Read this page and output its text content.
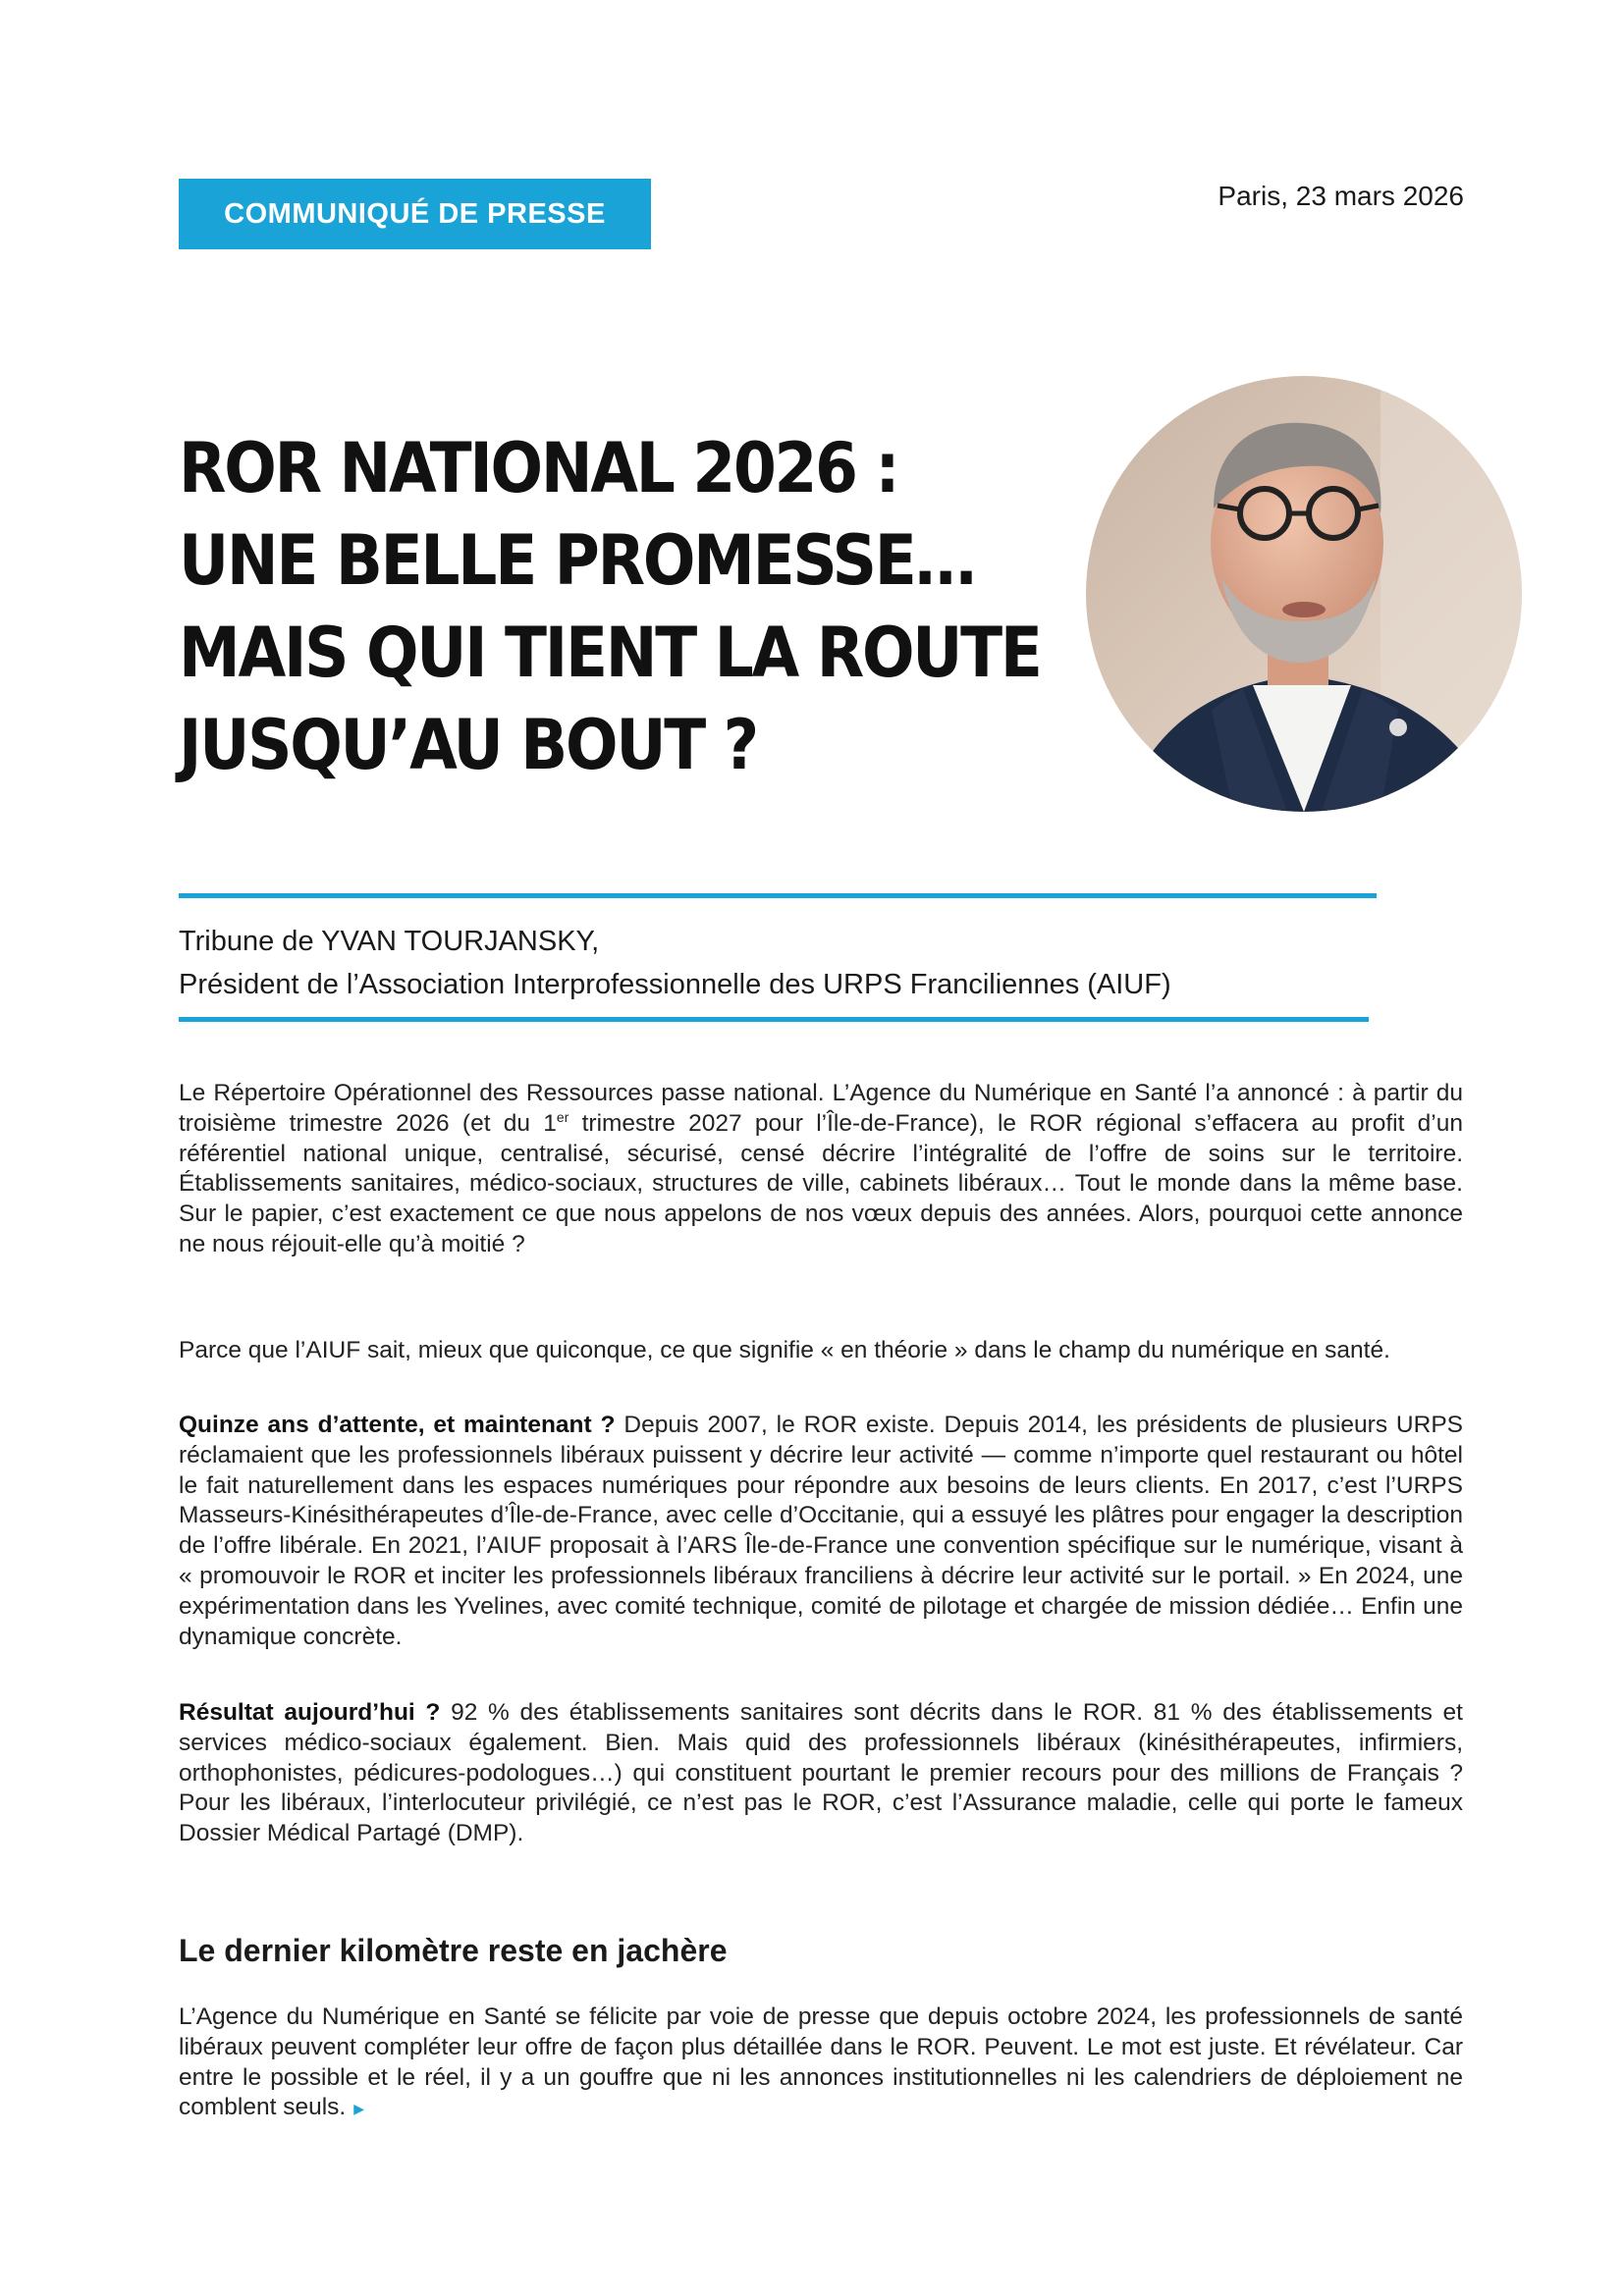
COMMUNIQUÉ DE PRESSE
Paris, 23 mars 2026
ROR NATIONAL 2026 :
UNE BELLE PROMESSE…
MAIS QUI TIENT LA ROUTE
JUSQU’AU BOUT ?
Tribune de YVAN TOURJANSKY,
Président de l’Association Interprofessionnelle des URPS Franciliennes (AIUF)

Le Répertoire Opérationnel des Ressources passe national. L’Agence du Numérique en Santé l’a annoncé : à partir du troisième trimestre 2026 (et du 1er trimestre 2027 pour l’Île-de-France), le ROR régional s’effacera au profit d’un référentiel national unique, centralisé, sécurisé, censé décrire l’intégralité de l’offre de soins sur le territoire. Établissements sanitaires, médico-sociaux, structures de ville, cabinets libéraux… Tout le monde dans la même base. Sur le papier, c’est exactement ce que nous appelons de nos vœux depuis des années. Alors, pourquoi cette annonce ne nous réjouit-elle qu’à moitié ?

Parce que l’AIUF sait, mieux que quiconque, ce que signifie « en théorie » dans le champ du numérique en santé.

Quinze ans d’attente, et maintenant ? Depuis 2007, le ROR existe. Depuis 2014, les présidents de plusieurs URPS réclamaient que les professionnels libéraux puissent y décrire leur activité — comme n’importe quel restaurant ou hôtel le fait naturellement dans les espaces numériques pour répondre aux besoins de leurs clients. En 2017, c’est l’URPS Masseurs-Kinésithérapeutes d’Île-de-France, avec celle d’Occitanie, qui a essuyé les plâtres pour engager la description de l’offre libérale. En 2021, l’AIUF proposait à l’ARS Île-de-France une convention spécifique sur le numérique, visant à « promouvoir le ROR et inciter les professionnels libéraux franciliens à décrire leur activité sur le portail. » En 2024, une expérimentation dans les Yvelines, avec comité technique, comité de pilotage et chargée de mission dédiée… Enfin une dynamique concrète.

Résultat aujourd’hui ? 92 % des établissements sanitaires sont décrits dans le ROR. 81 % des établissements et services médico-sociaux également. Bien. Mais quid des professionnels libéraux (kinésithérapeutes, infirmiers, orthophonistes, pédicures-podologues…) qui constituent pourtant le premier recours pour des millions de Français ? Pour les libéraux, l’interlocuteur privilégié, ce n’est pas le ROR, c’est l’Assurance maladie, celle qui porte le fameux Dossier Médical Partagé (DMP).

Le dernier kilomètre reste en jachère

L’Agence du Numérique en Santé se félicite par voie de presse que depuis octobre 2024, les professionnels de santé libéraux peuvent compléter leur offre de façon plus détaillée dans le ROR. Peuvent. Le mot est juste. Et révélateur. Car entre le possible et le réel, il y a un gouffre que ni les annonces institutionnelles ni les calendriers de déploiement ne comblent seuls. ▶
